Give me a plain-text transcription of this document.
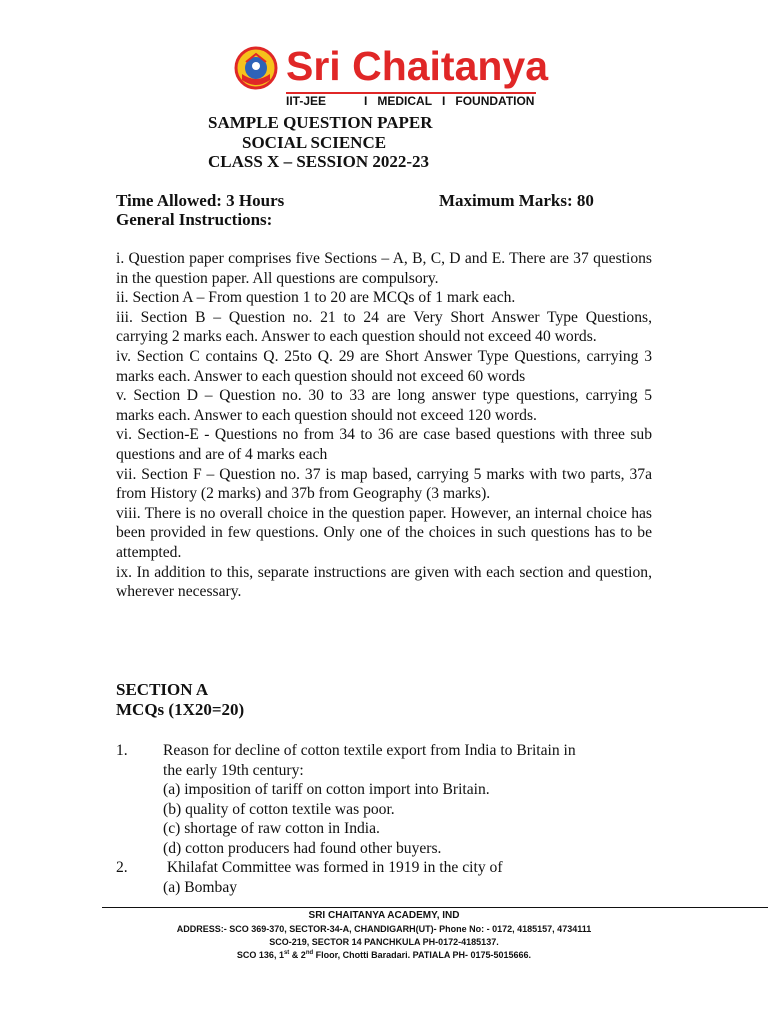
Sri Chaitanya
IIT-JEE	I MEDICAL I FOUNDATION
SAMPLE QUESTION PAPER
SOCIAL SCIENCE
CLASS X – SESSION 2022-23
Time Allowed: 3 Hours	Maximum Marks: 80
General Instructions:

i. Question paper comprises five Sections – A, B, C, D and E. There are 37 questions in the question paper. All questions are compulsory.

ii. Section A – From question 1 to 20 are MCQs of 1 mark each.

iii. Section B – Question no. 21 to 24 are Very Short Answer Type Questions, carrying 2 marks each. Answer to each question should not exceed 40 words.

iv. Section C contains Q. 25to Q. 29 are Short Answer Type Questions, carrying 3 marks each. Answer to each question should not exceed 60 words

v. Section D – Question no. 30 to 33 are long answer type questions, carrying 5 marks each. Answer to each question should not exceed 120 words.

vi. Section-E - Questions no from 34 to 36 are case based questions with three sub questions and are of 4 marks each

vii. Section F – Question no. 37 is map based, carrying 5 marks with two parts, 37a from History (2 marks) and 37b from Geography (3 marks).

viii. There is no overall choice in the question paper. However, an internal choice has been provided in few questions. Only one of the choices in such questions has to be attempted.

ix. In addition to this, separate instructions are given with each section and question, wherever necessary.

SECTION A
MCQs (1X20=20)
1. Reason for decline of cotton textile export from India to Britain in
the early 19th century:
(a) imposition of tariff on cotton import into Britain.
(b) quality of cotton textile was poor.
(c) shortage of raw cotton in India.
(d) cotton producers had found other buyers.
2. Khilafat Committee was formed in 1919 in the city of
(a) Bombay
SRI CHAITANYA ACADEMY, IND
ADDRESS:- SCO 369-370, SECTOR-34-A, CHANDIGARH(UT)- Phone No: - 0172, 4185157, 4734111
SCO-219, SECTOR 14 PANCHKULA PH-0172-4185137.
SCO 136, 1st & 2nd Floor, Chotti Baradari. PATIALA PH- 0175-5015666.
